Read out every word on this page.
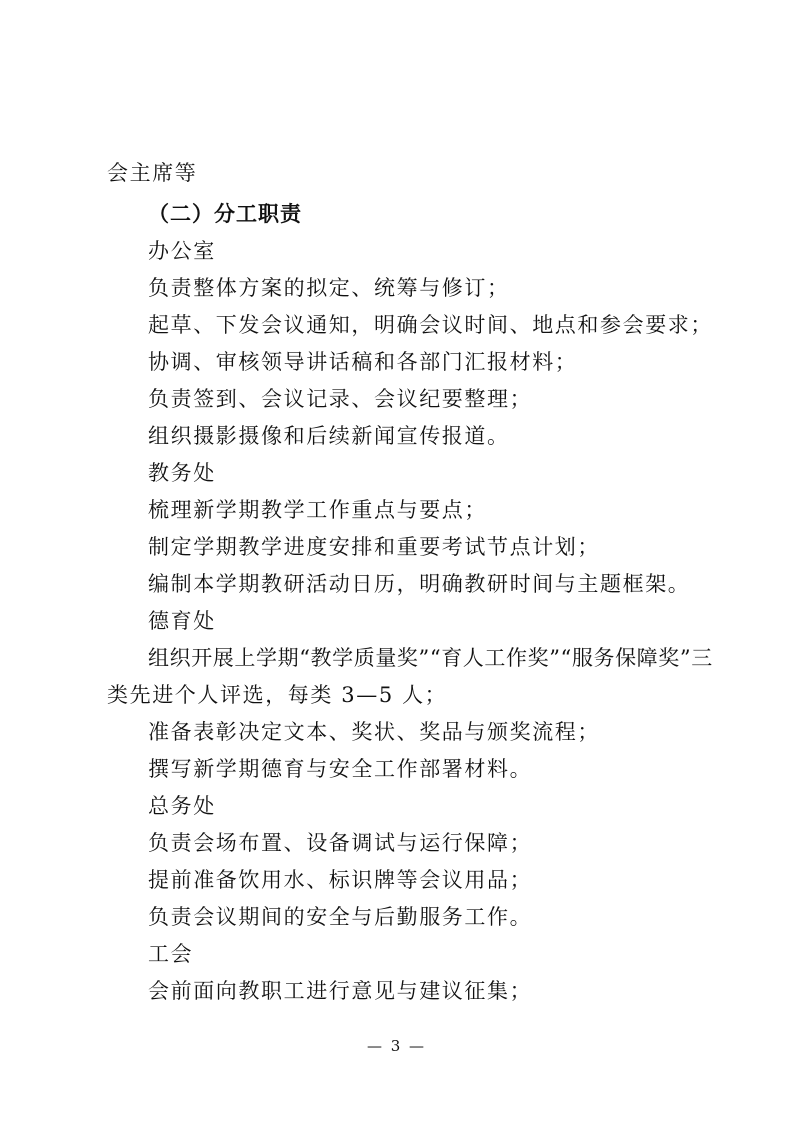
会主席等
（二）分工职责
办公室
负责整体方案的拟定、统筹与修订；
起草、下发会议通知，明确会议时间、地点和参会要求；
协调、审核领导讲话稿和各部门汇报材料；
负责签到、会议记录、会议纪要整理；
组织摄影摄像和后续新闻宣传报道。
教务处
梳理新学期教学工作重点与要点；
制定学期教学进度安排和重要考试节点计划；
编制本学期教研活动日历，明确教研时间与主题框架。
德育处
组织开展上学期“教学质量奖”“育人工作奖”“服务保障奖”三
类先进个人评选，每类 3—5 人；
准备表彰决定文本、奖状、奖品与颁奖流程；
撰写新学期德育与安全工作部署材料。
总务处
负责会场布置、设备调试与运行保障；
提前准备饮用水、标识牌等会议用品；
负责会议期间的安全与后勤服务工作。
工会
会前面向教职工进行意见与建议征集；
— 3 —
